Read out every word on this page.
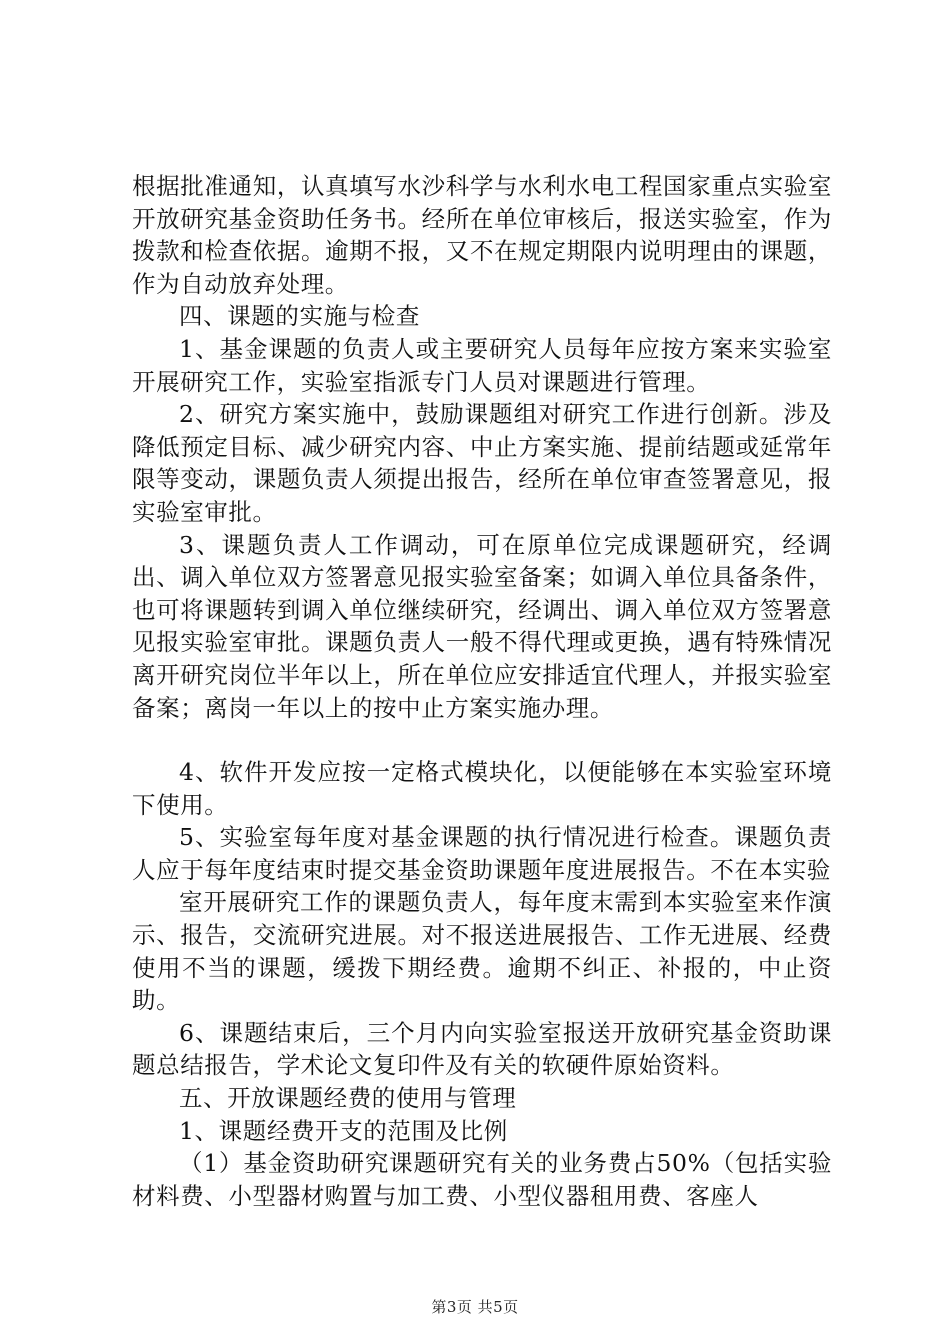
根据批准通知，认真填写水沙科学与水利水电工程国家重点实验室开放研究基金资助任务书。经所在单位审核后，报送实验室，作为拨款和检查依据。逾期不报，又不在规定期限内说明理由的课题，作为自动放弃处理。

四、课题的实施与检查

1、基金课题的负责人或主要研究人员每年应按方案来实验室开展研究工作，实验室指派专门人员对课题进行管理。

2、研究方案实施中，鼓励课题组对研究工作进行创新。涉及降低预定目标、减少研究内容、中止方案实施、提前结题或延常年限等变动，课题负责人须提出报告，经所在单位审查签署意见，报实验室审批。

3、课题负责人工作调动，可在原单位完成课题研究，经调出、调入单位双方签署意见报实验室备案；如调入单位具备条件，也可将课题转到调入单位继续研究，经调出、调入单位双方签署意见报实验室审批。课题负责人一般不得代理或更换，遇有特殊情况离开研究岗位半年以上，所在单位应安排适宜代理人，并报实验室备案；离岗一年以上的按中止方案实施办理。

4、软件开发应按一定格式模块化，以便能够在本实验室环境下使用。

5、实验室每年度对基金课题的执行情况进行检查。课题负责人应于每年度结束时提交基金资助课题年度进展报告。不在本实验

室开展研究工作的课题负责人，每年度末需到本实验室来作演示、报告，交流研究进展。对不报送进展报告、工作无进展、经费使用不当的课题，缓拨下期经费。逾期不纠正、补报的，中止资助。

6、课题结束后，三个月内向实验室报送开放研究基金资助课题总结报告，学术论文复印件及有关的软硬件原始资料。

五、开放课题经费的使用与管理

1、课题经费开支的范围及比例

（1）基金资助研究课题研究有关的业务费占50%（包括实验材料费、小型器材购置与加工费、小型仪器租用费、客座人

第3页 共5页
